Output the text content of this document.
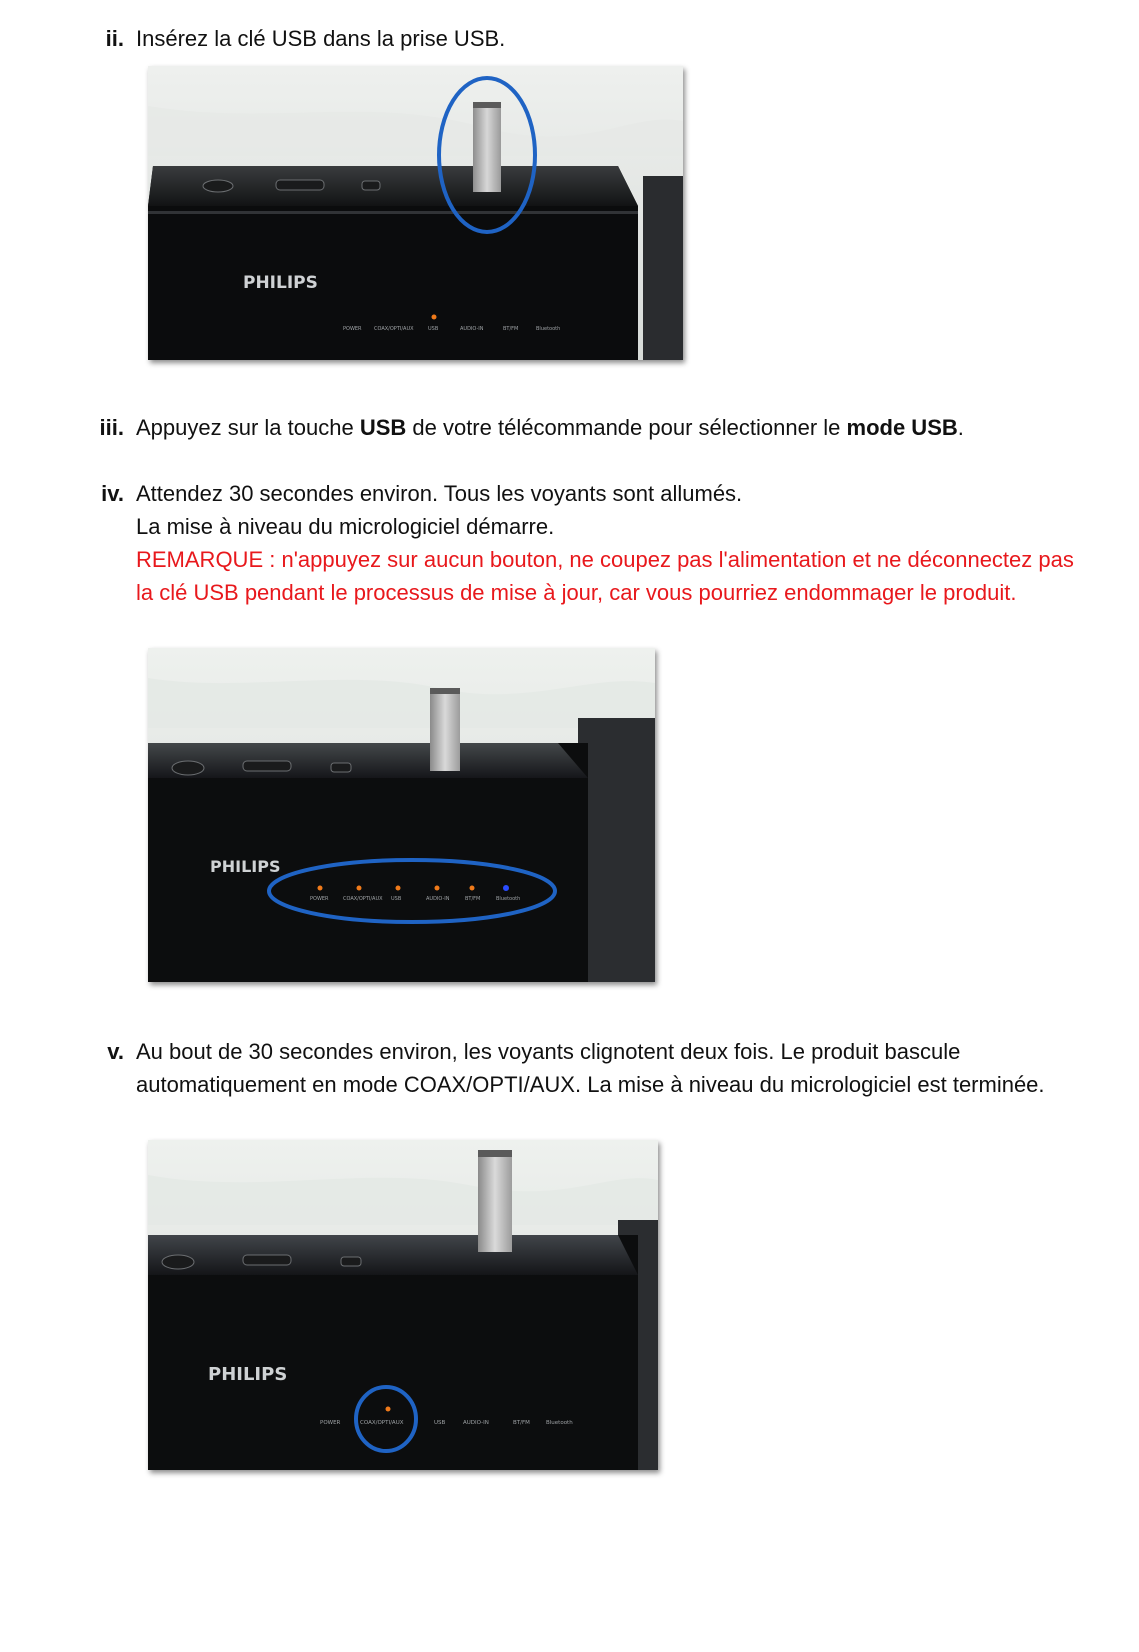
ii. Insérez la clé USB dans la prise USB.
PHILIPS
POWER COAX/OPTI/AUX	USB	AUDIO-IN	BT/FM	Bluetooth
iii. Appuyez sur la touche USB de votre télécommande pour sélectionner le mode USB.
iv. Attendez 30 secondes environ. Tous les voyants sont allumés.
La mise à niveau du micrologiciel démarre.
REMARQUE : n'appuyez sur aucun bouton, ne coupez pas l'alimentation et ne déconnectez pas la clé USB pendant le processus de mise à jour, car vous pourriez endommager le produit.
PHILIPS
POWER	COAX/OPTI/AUX USB	AUDIO-IN	BT/FM	Bluetooth
v. Au bout de 30 secondes environ, les voyants clignotent deux fois. Le produit bascule automatiquement en mode COAX/OPTI/AUX. La mise à niveau du micrologiciel est terminée.
PHILIPS
POWER	COAX/OPTI/AUX	USB	AUDIO-IN	BT/FM	Bluetooth
